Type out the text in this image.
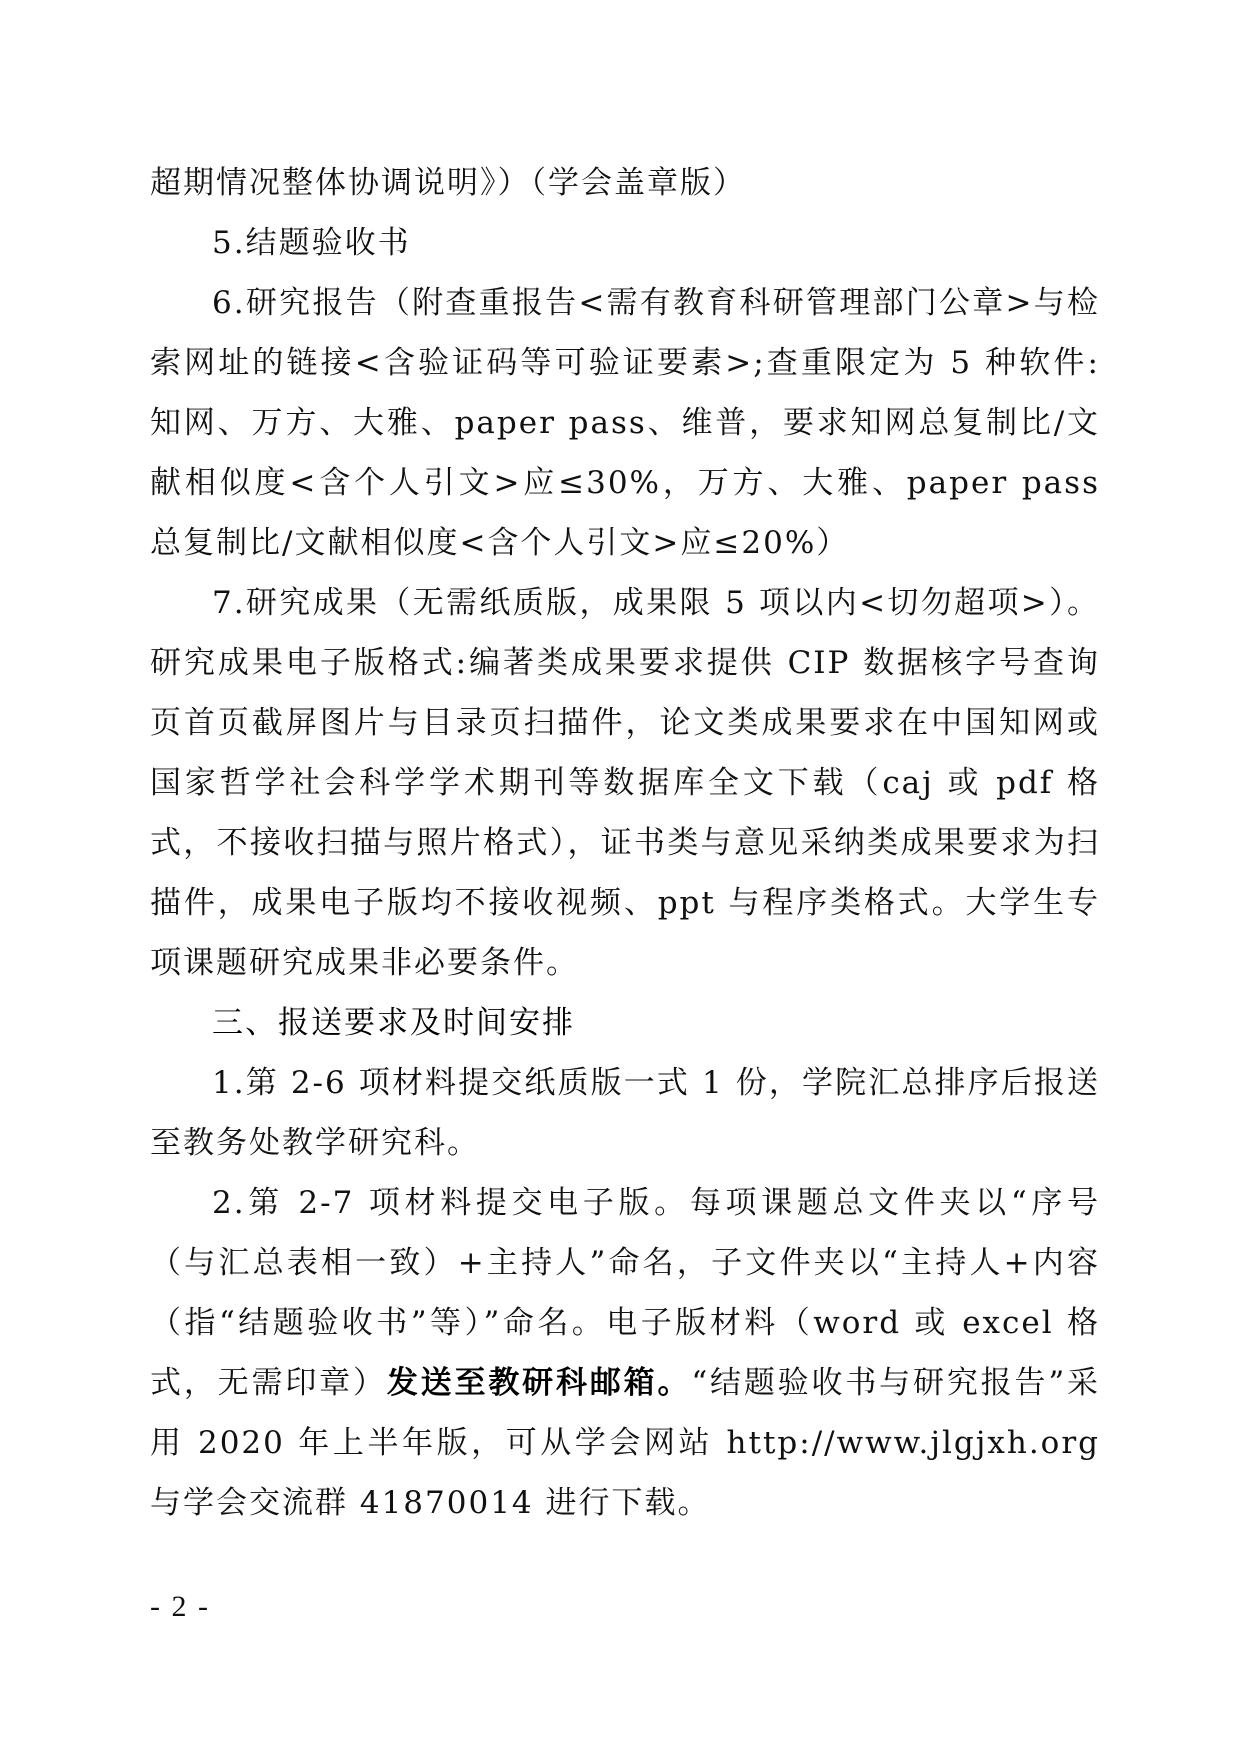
超期情况整体协调说明》）（学会盖章版）

5.结题验收书

6.研究报告（附查重报告<需有教育科研管理部门公章>与检索网址的链接<含验证码等可验证要素>;查重限定为 5 种软件:知网、万方、大雅、paper pass、维普，要求知网总复制比/文献相似度<含个人引文>应≤30%，万方、大雅、paper pass 总复制比/文献相似度<含个人引文>应≤20%）

7.研究成果（无需纸质版，成果限 5 项以内<切勿超项>）。研究成果电子版格式:编著类成果要求提供 CIP 数据核字号查询页首页截屏图片与目录页扫描件，论文类成果要求在中国知网或国家哲学社会科学学术期刊等数据库全文下载（caj 或 pdf 格式，不接收扫描与照片格式），证书类与意见采纳类成果要求为扫描件，成果电子版均不接收视频、ppt 与程序类格式。大学生专项课题研究成果非必要条件。

三、报送要求及时间安排

1.第 2-6 项材料提交纸质版一式 1 份，学院汇总排序后报送至教务处教学研究科。

2.第 2-7 项材料提交电子版。每项课题总文件夹以“序号（与汇总表相一致）+主持人”命名，子文件夹以“主持人+内容（指“结题验收书”等）”命名。电子版材料（word 或 excel 格式，无需印章）发送至教研科邮箱。“结题验收书与研究报告”采用 2020 年上半年版，可从学会网站 http://www.jlgjxh.org 与学会交流群 41870014 进行下载。

- 2 -
